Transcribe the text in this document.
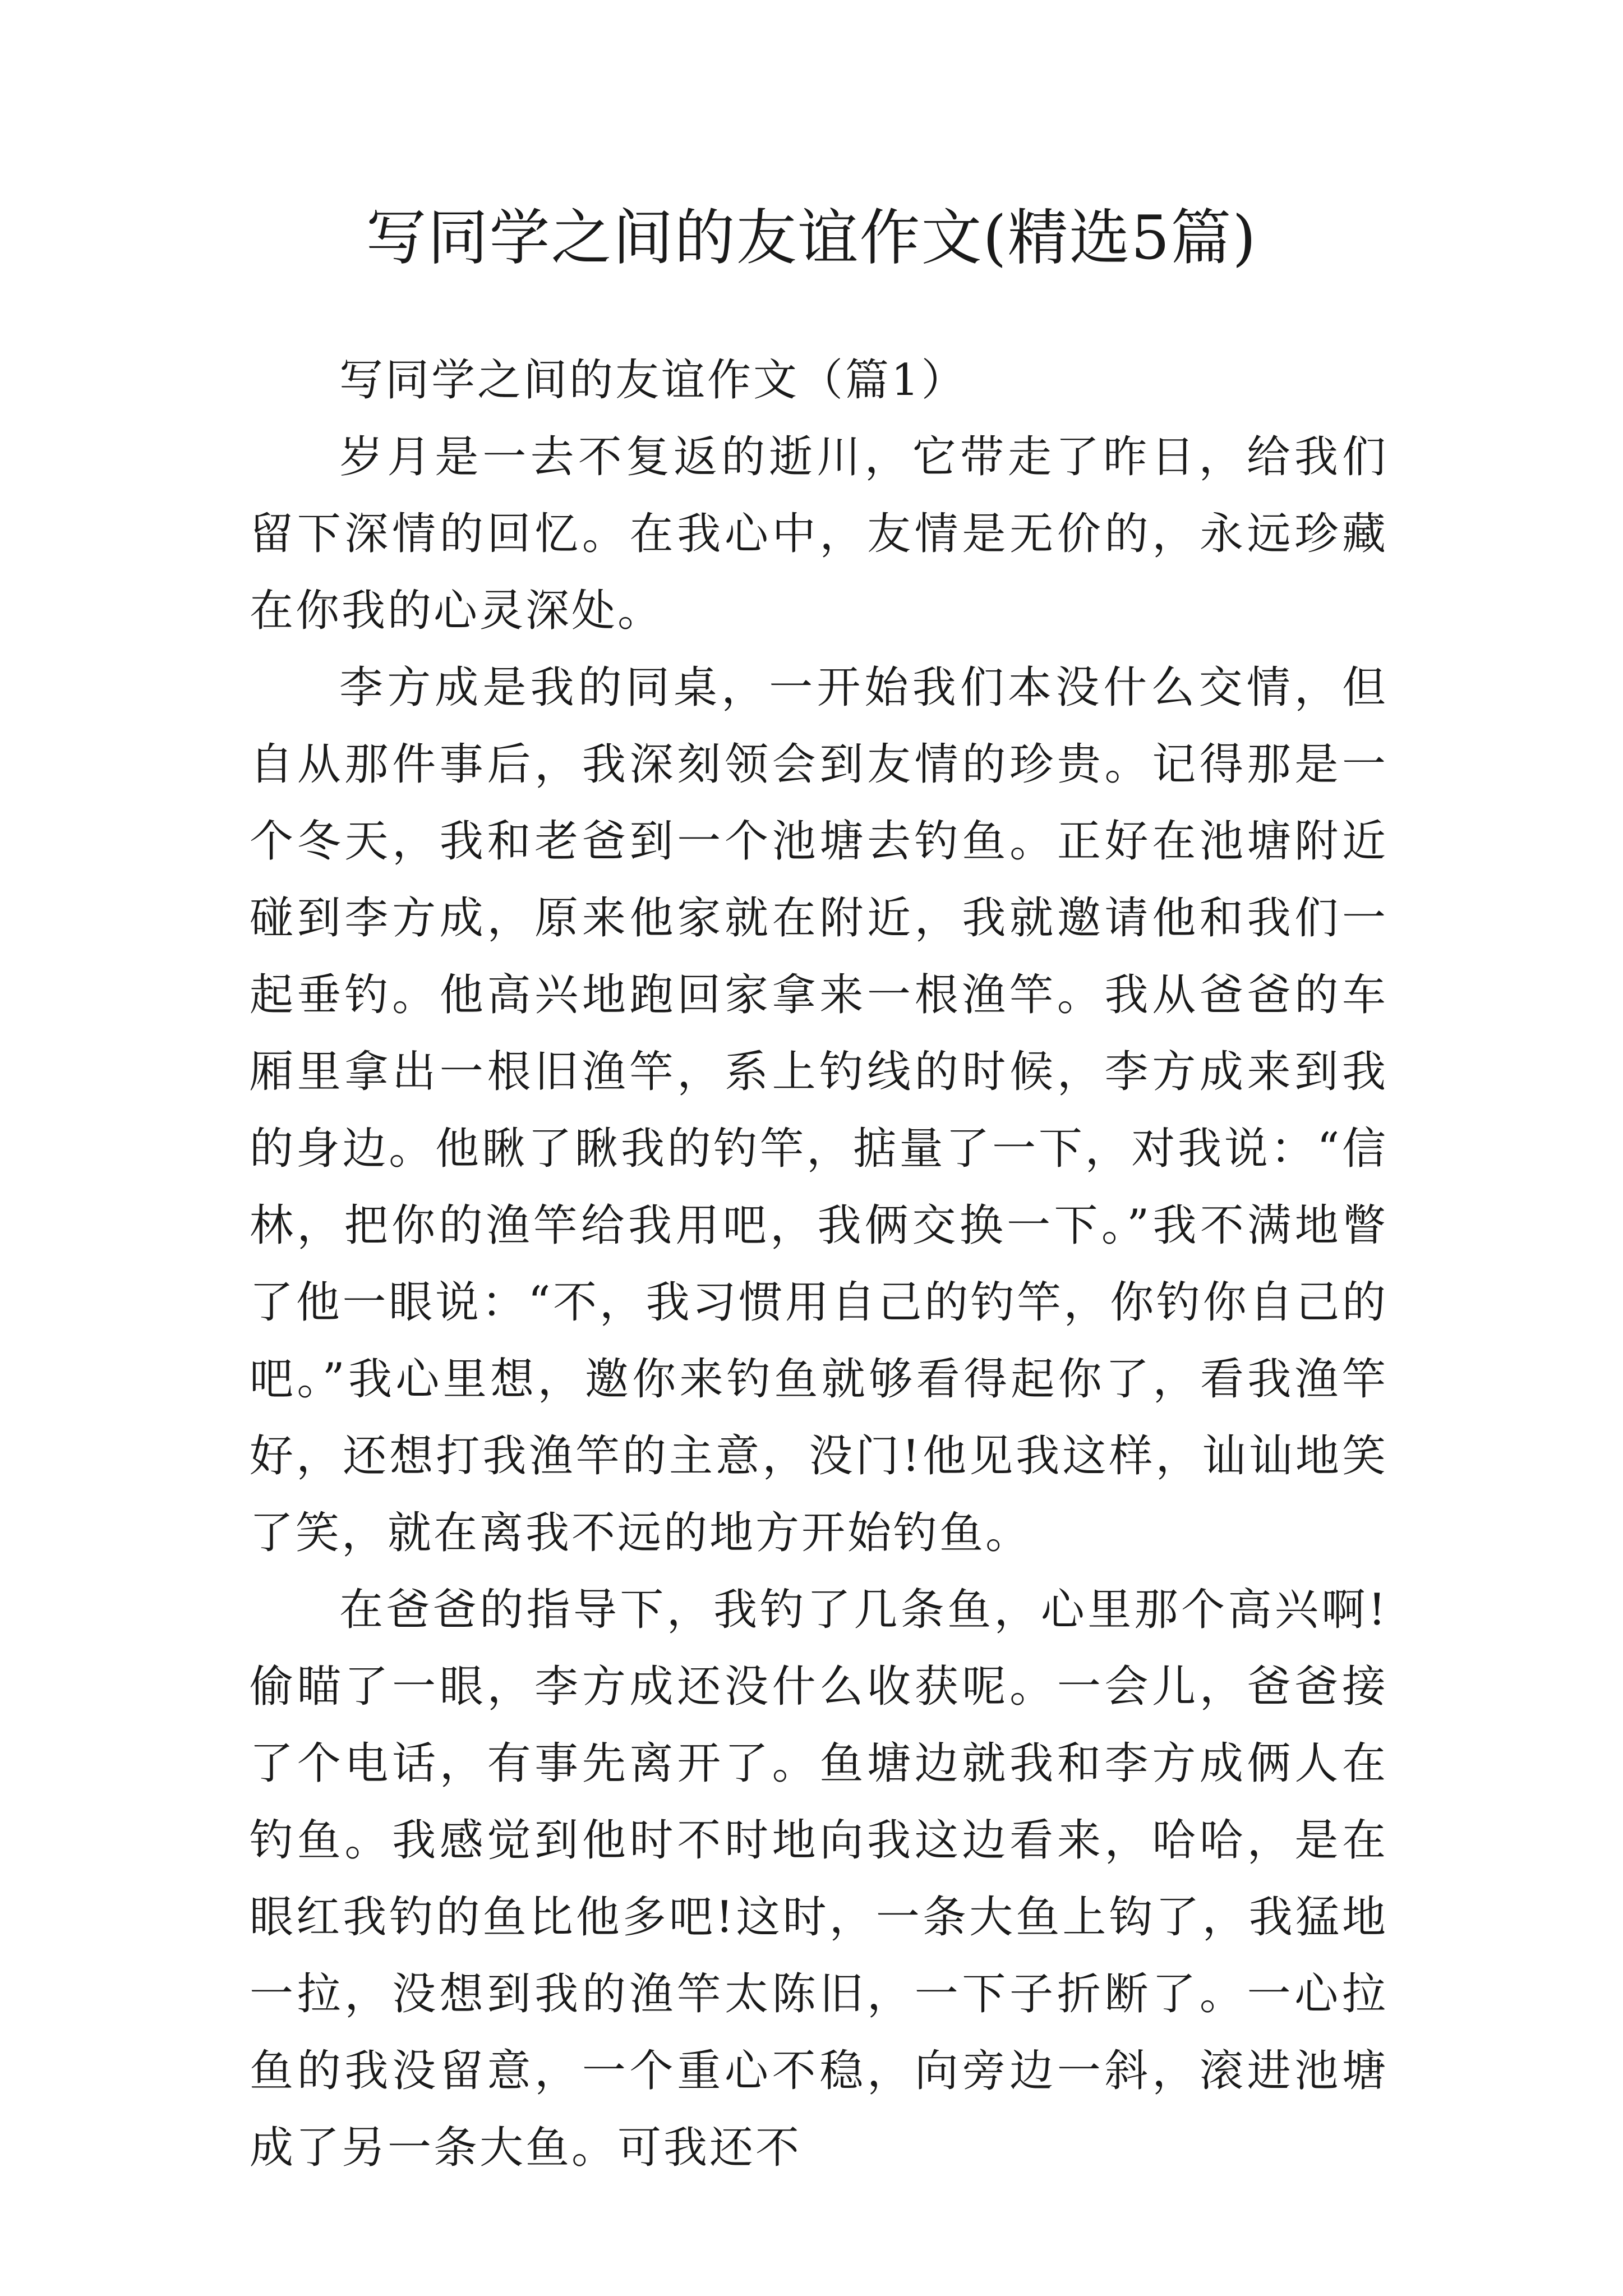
写同学之间的友谊作文(精选5篇)

写同学之间的友谊作文（篇1）

岁月是一去不复返的逝川，它带走了昨日，给我们留下深情的回忆。在我心中，友情是无价的，永远珍藏在你我的心灵深处。

李方成是我的同桌，一开始我们本没什么交情，但自从那件事后，我深刻领会到友情的珍贵。记得那是一个冬天，我和老爸到一个池塘去钓鱼。正好在池塘附近碰到李方成，原来他家就在附近，我就邀请他和我们一起垂钓。他高兴地跑回家拿来一根渔竿。我从爸爸的车厢里拿出一根旧渔竿，系上钓线的时候，李方成来到我的身边。他瞅了瞅我的钓竿，掂量了一下，对我说：“信林，把你的渔竿给我用吧，我俩交换一下。”我不满地瞥了他一眼说：“不，我习惯用自己的钓竿，你钓你自己的吧。”我心里想，邀你来钓鱼就够看得起你了，看我渔竿好，还想打我渔竿的主意，没门!他见我这样，讪讪地笑了笑，就在离我不远的地方开始钓鱼。

在爸爸的指导下，我钓了几条鱼，心里那个高兴啊!偷瞄了一眼，李方成还没什么收获呢。一会儿，爸爸接了个电话，有事先离开了。鱼塘边就我和李方成俩人在钓鱼。我感觉到他时不时地向我这边看来，哈哈，是在眼红我钓的鱼比他多吧!这时，一条大鱼上钩了，我猛地一拉，没想到我的渔竿太陈旧，一下子折断了。一心拉鱼的我没留意，一个重心不稳，向旁边一斜，滚进池塘成了另一条大鱼。可我还不
